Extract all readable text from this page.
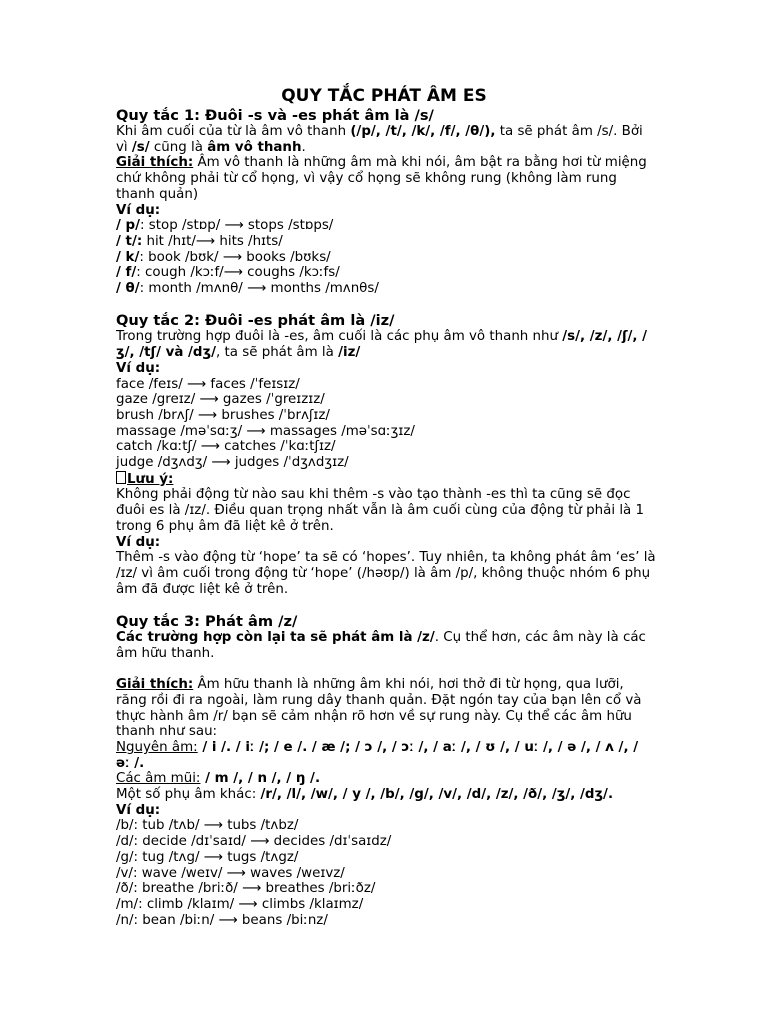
QUY TẮC PHÁT ÂM ES
Quy tắc 1: Đuôi -s và -es phát âm là /s/
Khi âm cuối của từ là âm vô thanh (/p/, /t/, /k/, /f/, /θ/), ta sẽ phát âm /s/. Bởi vì /s/ cũng là âm vô thanh.
Giải thích: Âm vô thanh là những âm mà khi nói, âm bật ra bằng hơi từ miệng chứ không phải từ cổ họng, vì vậy cổ họng sẽ không rung (không làm rung thanh quản)
Ví dụ:
/ p/: stop /stɒp/ ⟶ stops /stɒps/
/ t/: hit /hɪt/⟶ hits /hɪts/
/ k/: book /bʊk/ ⟶ books /bʊks/
/ f/: cough /kɔːf/⟶ coughs /kɔːfs/
/ θ/: month /mʌnθ/ ⟶ months /mʌnθs/
Quy tắc 2: Đuôi -es phát âm là /iz/
Trong trường hợp đuôi là -es, âm cuối là các phụ âm vô thanh như /s/, /z/, /ʃ/, /ʒ/, /tʃ/ và /dʒ/, ta sẽ phát âm là /iz/
Ví dụ:
face /feɪs/ ⟶ faces /ˈfeɪsɪz/
gaze /greɪz/ ⟶ gazes /ˈgreɪzɪz/
brush /brʌʃ/ ⟶ brushes /ˈbrʌʃɪz/
massage /məˈsɑːʒ/ ⟶ massages /məˈsɑːʒɪz/
catch /kɑːtʃ/ ⟶ catches /ˈkɑːtʃɪz/
judge /dʒʌdʒ/ ⟶ judges /ˈdʒʌdʒɪz/
Lưu ý:
Không phải động từ nào sau khi thêm -s vào tạo thành -es thì ta cũng sẽ đọc đuôi es là /ɪz/. Điều quan trọng nhất vẫn là âm cuối cùng của động từ phải là 1 trong 6 phụ âm đã liệt kê ở trên.
Ví dụ:
Thêm -s vào động từ ‘hope’ ta sẽ có ‘hopes’. Tuy nhiên, ta không phát âm ‘es’ là /ɪz/ vì âm cuối trong động từ ‘hope’ (/həʊp/) là âm /p/, không thuộc nhóm 6 phụ âm đã được liệt kê ở trên.
Quy tắc 3: Phát âm /z/
Các trường hợp còn lại ta sẽ phát âm là /z/. Cụ thể hơn, các âm này là các âm hữu thanh.
Giải thích: Âm hữu thanh là những âm khi nói, hơi thở đi từ họng, qua lưỡi, răng rồi đi ra ngoài, làm rung dây thanh quản. Đặt ngón tay của bạn lên cổ và thực hành âm /r/ bạn sẽ cảm nhận rõ hơn về sự rung này. Cụ thể các âm hữu thanh như sau:
Nguyên âm: / i /. / iː /; / e /. / æ /; / ɔ /, / ɔː /, / aː /, / ʊ /, / uː /, / ə /, / ʌ /, / əː /.
Các âm mũi: / m /, / n /, / ŋ /.
Một số phụ âm khác: /r/, /l/, /w/, / y /, /b/, /g/, /v/, /d/, /z/, /ð/, /ʒ/, /dʒ/.
Ví dụ:
/b/: tub /tʌb/ ⟶ tubs /tʌbz/
/d/: decide /dɪˈsaɪd/ ⟶ decides /dɪˈsaɪdz/
/g/: tug /tʌg/ ⟶ tugs /tʌgz/
/v/: wave /weɪv/ ⟶ waves /weɪvz/
/ð/: breathe /briːð/ ⟶ breathes /briːðz/
/m/: climb /klaɪm/ ⟶ climbs /klaɪmz/
/n/: bean /biːn/ ⟶ beans /biːnz/
